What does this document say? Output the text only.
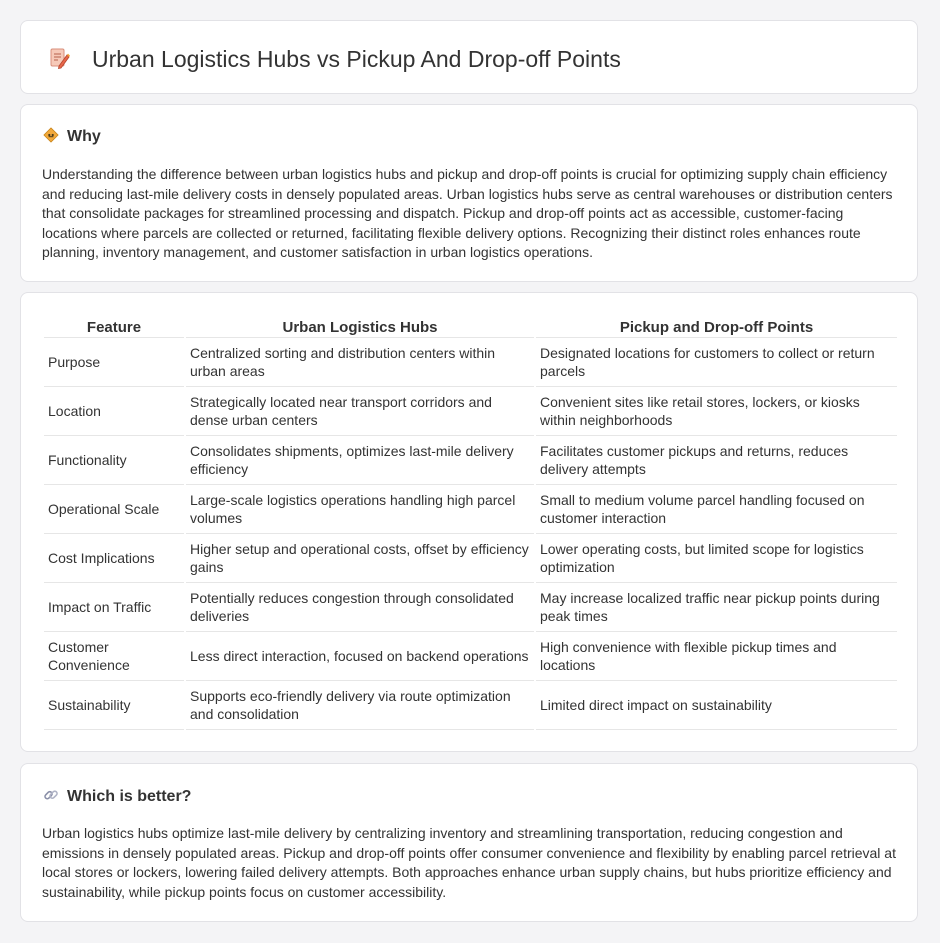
Urban Logistics Hubs vs Pickup And Drop-off Points
Why

Understanding the difference between urban logistics hubs and pickup and drop-off points is crucial for optimizing supply chain efficiency and reducing last-mile delivery costs in densely populated areas. Urban logistics hubs serve as central warehouses or distribution centers that consolidate packages for streamlined processing and dispatch. Pickup and drop-off points act as accessible, customer-facing locations where parcels are collected or returned, facilitating flexible delivery options. Recognizing their distinct roles enhances route planning, inventory management, and customer satisfaction in urban logistics operations.

Feature	Urban Logistics Hubs	Pickup and Drop-off Points
Purpose	Centralized sorting and distribution centers within urban areas	Designated locations for customers to collect or return parcels
Location	Strategically located near transport corridors and dense urban centers	Convenient sites like retail stores, lockers, or kiosks within neighborhoods
Functionality	Consolidates shipments, optimizes last-mile delivery efficiency	Facilitates customer pickups and returns, reduces delivery attempts
Operational Scale	Large-scale logistics operations handling high parcel volumes	Small to medium volume parcel handling focused on customer interaction
Cost Implications	Higher setup and operational costs, offset by efficiency gains	Lower operating costs, but limited scope for logistics optimization
Impact on Traffic	Potentially reduces congestion through consolidated deliveries	May increase localized traffic near pickup points during peak times
Customer Convenience	Less direct interaction, focused on backend operations	High convenience with flexible pickup times and locations
Sustainability	Supports eco-friendly delivery via route optimization and consolidation	Limited direct impact on sustainability
Which is better?

Urban logistics hubs optimize last-mile delivery by centralizing inventory and streamlining transportation, reducing congestion and emissions in densely populated areas. Pickup and drop-off points offer consumer convenience and flexibility by enabling parcel retrieval at local stores or lockers, lowering failed delivery attempts. Both approaches enhance urban supply chains, but hubs prioritize efficiency and sustainability, while pickup points focus on customer accessibility.
